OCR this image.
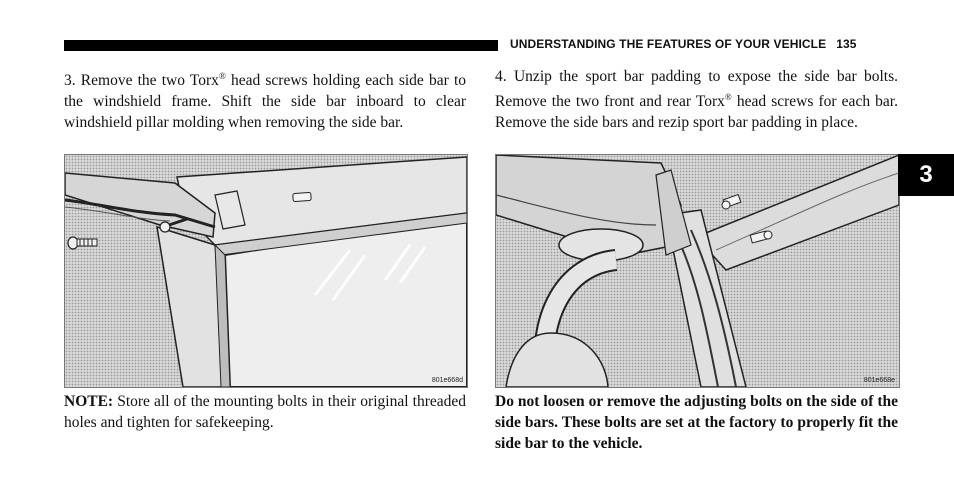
UNDERSTANDING THE FEATURES OF YOUR VEHICLE 135
3. Remove the two Torx® head screws holding each side bar to the windshield frame. Shift the side bar inboard to clear windshield pillar molding when removing the side bar.
4. Unzip the sport bar padding to expose the side bar bolts. Remove the two front and rear Torx® head screws for each bar. Remove the side bars and rezip sport bar padding in place.
801e668d	801e668e
NOTE: Store all of the mounting bolts in their original threaded holes and tighten for safekeeping.
Do not loosen or remove the adjusting bolts on the side of the side bars. These bolts are set at the factory to properly fit the side bar to the vehicle.
3
